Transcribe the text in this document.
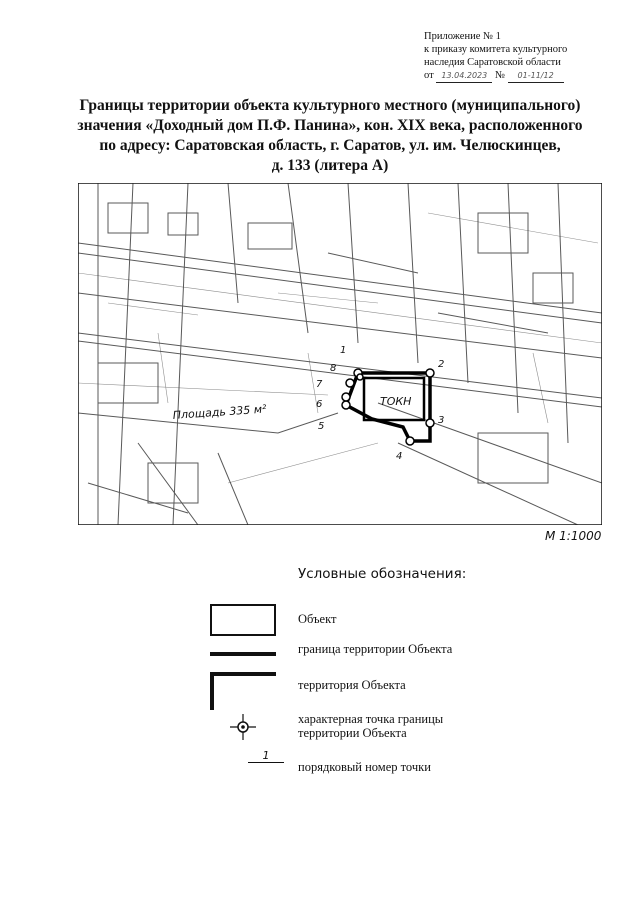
Приложение № 1
к приказу комитета культурного
наследия Саратовской области
от 13.04.2023 № 01-11/12
Границы территории объекта культурного местного (муниципального)
значения «Доходный дом П.Ф. Панина», кон. XIX века, расположенного
по адресу: Саратовская область, г. Саратов, ул. им. Челюскинцев,
д. 133 (литера А)
ТОКН
Площадь 335 м²
1
2
3
4
5
6
7
8
М 1:1000
Условные обозначения:
Объект
граница территории Объекта
территория Объекта
характерная точка границы территории Объекта
1
порядковый номер точки
